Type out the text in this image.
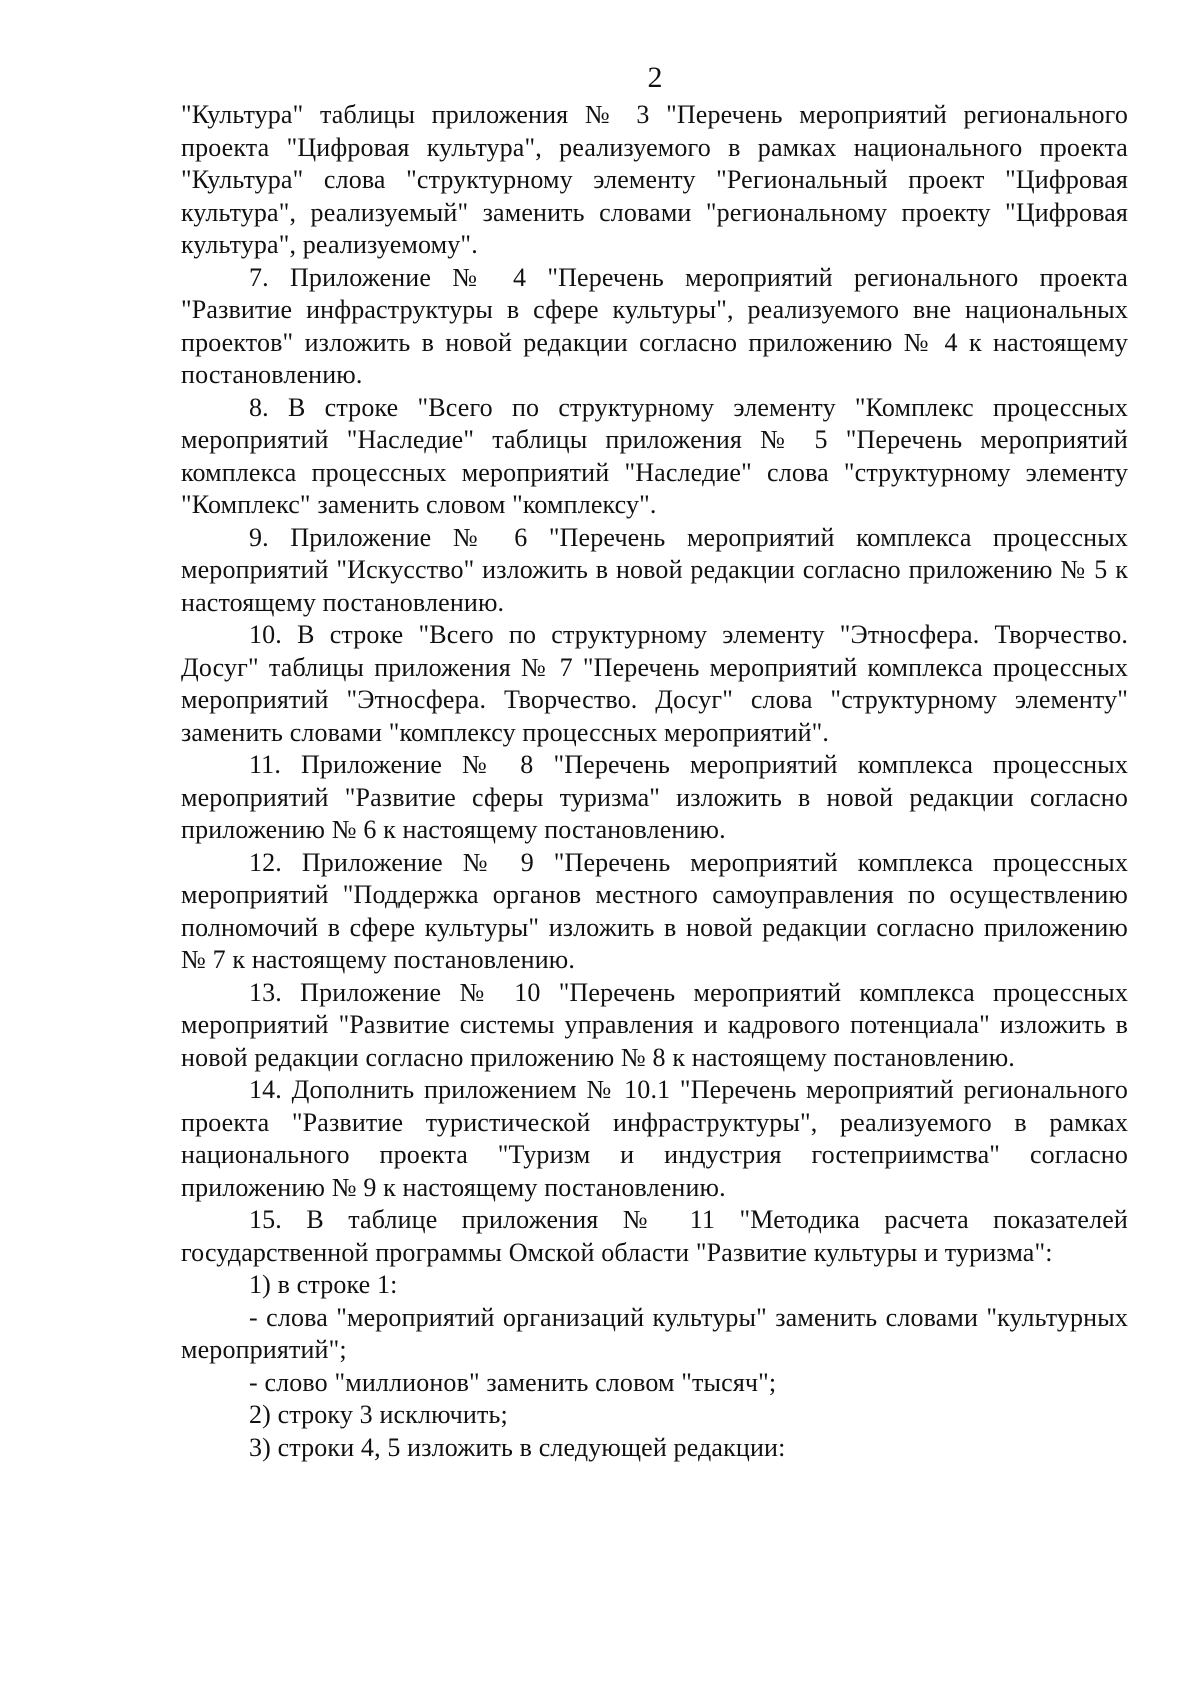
2

"Культура" таблицы приложения № 3 "Перечень мероприятий регионального проекта "Цифровая культура", реализуемого в рамках национального проекта "Культура" слова "структурному элементу "Региональный проект "Цифровая культура", реализуемый" заменить словами "региональному проекту "Цифровая культура", реализуемому".

7. Приложение № 4 "Перечень мероприятий регионального проекта "Развитие инфраструктуры в сфере культуры", реализуемого вне национальных проектов" изложить в новой редакции согласно приложению № 4 к настоящему постановлению.

8. В строке "Всего по структурному элементу "Комплекс процессных мероприятий "Наследие" таблицы приложения № 5 "Перечень мероприятий комплекса процессных мероприятий "Наследие" слова "структурному элементу "Комплекс" заменить словом "комплексу".

9. Приложение № 6 "Перечень мероприятий комплекса процессных мероприятий "Искусство" изложить в новой редакции согласно приложению № 5 к настоящему постановлению.

10. В строке "Всего по структурному элементу "Этносфера. Творчество. Досуг" таблицы приложения № 7 "Перечень мероприятий комплекса процессных мероприятий "Этносфера. Творчество. Досуг" слова "структурному элементу" заменить словами "комплексу процессных мероприятий".

11. Приложение № 8 "Перечень мероприятий комплекса процессных мероприятий "Развитие сферы туризма" изложить в новой редакции согласно приложению № 6 к настоящему постановлению.

12. Приложение № 9 "Перечень мероприятий комплекса процессных мероприятий "Поддержка органов местного самоуправления по осуществлению полномочий в сфере культуры" изложить в новой редакции согласно приложению № 7 к настоящему постановлению.

13. Приложение № 10 "Перечень мероприятий комплекса процессных мероприятий "Развитие системы управления и кадрового потенциала" изложить в новой редакции согласно приложению № 8 к настоящему постановлению.

14. Дополнить приложением № 10.1 "Перечень мероприятий регионального проекта "Развитие туристической инфраструктуры", реализуемого в рамках национального проекта "Туризм и индустрия гостеприимства" согласно приложению № 9 к настоящему постановлению.

15. В таблице приложения № 11 "Методика расчета показателей государственной программы Омской области "Развитие культуры и туризма":

1) в строке 1:

- слова "мероприятий организаций культуры" заменить словами "культурных мероприятий";

- слово "миллионов" заменить словом "тысяч";

2) строку 3 исключить;

3) строки 4, 5 изложить в следующей редакции:
